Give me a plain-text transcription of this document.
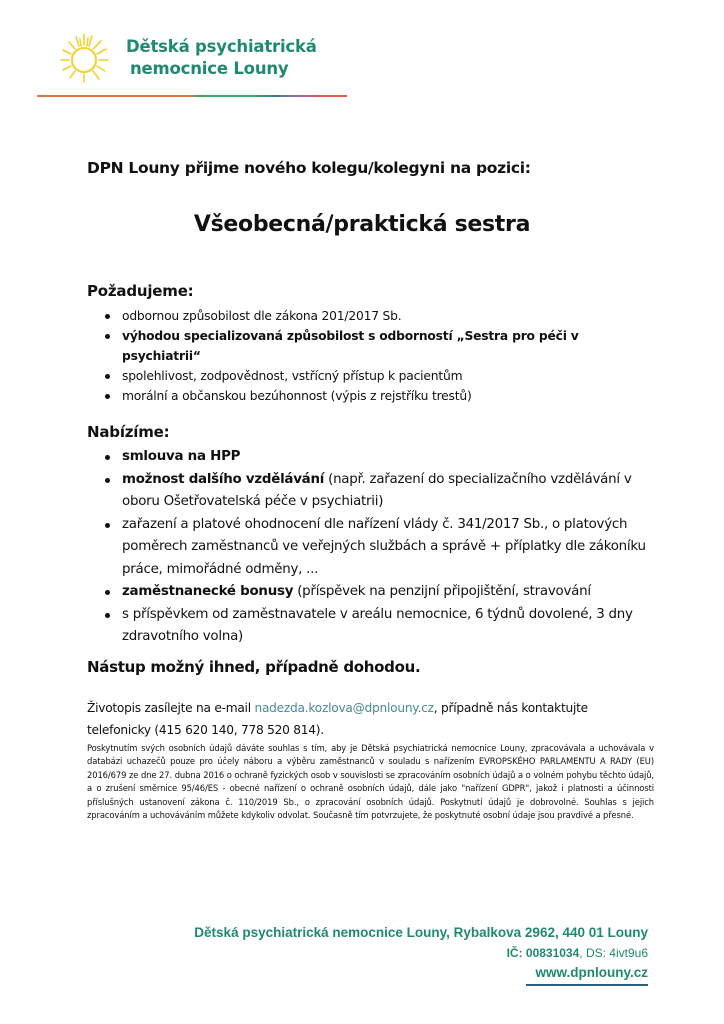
Dětská psychiatrická
nemocnice Louny
DPN Louny přijme nového kolegu/kolegyni na pozici:
Všeobecná/praktická sestra
Požadujeme:
odbornou způsobilost dle zákona 201/2017 Sb.
výhodou specializovaná způsobilost s odborností „Sestra pro péči v psychiatrii“
spolehlivost, zodpovědnost, vstřícný přístup k pacientům
morální a občanskou bezúhonnost (výpis z rejstříku trestů)
Nabízíme:
smlouva na HPP
možnost dalšího vzdělávání (např. zařazení do specializačního vzdělávání v oboru Ošetřovatelská péče v psychiatrii)
zařazení a platové ohodnocení dle nařízení vlády č. 341/2017 Sb., o platových poměrech zaměstnanců ve veřejných službách a správě + příplatky dle zákoníku práce, mimořádné odměny, ...
zaměstnanecké bonusy (příspěvek na penzijní připojištění, stravování
s příspěvkem od zaměstnavatele v areálu nemocnice, 6 týdnů dovolené, 3 dny zdravotního volna)
Nástup možný ihned, případně dohodou.
Životopis zasílejte na e-mail nadezda.kozlova@dpnlouny.cz, případně nás kontaktujte telefonicky (415 620 140, 778 520 814).
Poskytnutím svých osobních údajů dáváte souhlas s tím, aby je Dětská psychiatrická nemocnice Louny, zpracovávala a uchovávala v databázi uchazečů pouze pro účely náboru a výběru zaměstnanců v souladu s nařízením EVROPSKÉHO PARLAMENTU A RADY (EU) 2016/679 ze dne 27. dubna 2016 o ochraně fyzických osob v souvislosti se zpracováním osobních údajů a o volném pohybu těchto údajů, a o zrušení směrnice 95/46/ES - obecné nařízení o ochraně osobních údajů, dále jako "nařízení GDPR", jakož i platnosti a účinnosti příslušných ustanovení zákona č. 110/2019 Sb., o zpracování osobních údajů. Poskytnutí údajů je dobrovolné. Souhlas s jejich zpracováním a uchováváním můžete kdykoliv odvolat. Současně tím potvrzujete, že poskytnuté osobní údaje jsou pravdivé a přesné.
Dětská psychiatrická nemocnice Louny, Rybalkova 2962, 440 01 Louny
IČ: 00831034, DS: 4ivt9u6
www.dpnlouny.cz
